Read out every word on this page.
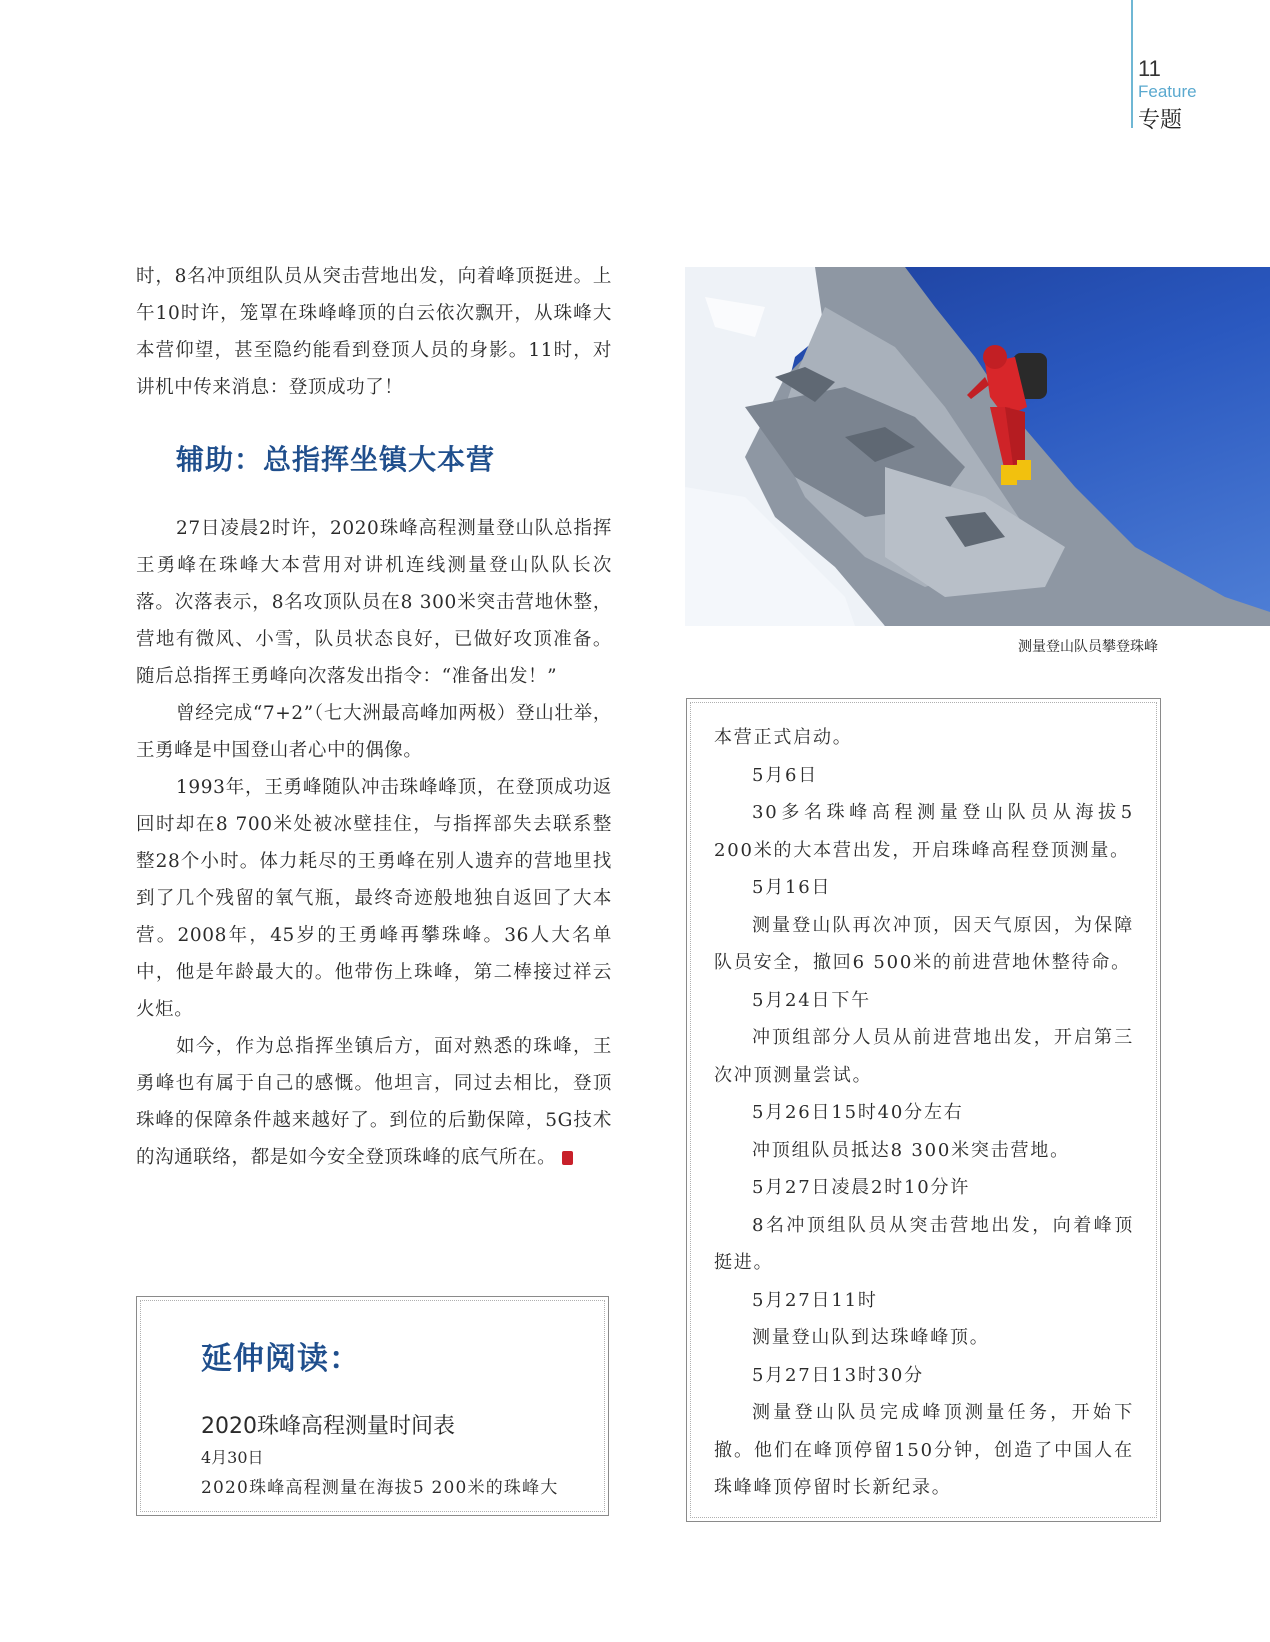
11
Feature
专题

时，8名冲顶组队员从突击营地出发，向着峰顶挺进。上午10时许，笼罩在珠峰峰顶的白云依次飘开，从珠峰大本营仰望，甚至隐约能看到登顶人员的身影。11时，对讲机中传来消息：登顶成功了！

辅助：总指挥坐镇大本营

27日凌晨2时许，2020珠峰高程测量登山队总指挥王勇峰在珠峰大本营用对讲机连线测量登山队队长次落。次落表示，8名攻顶队员在8 300米突击营地休整，营地有微风、小雪，队员状态良好，已做好攻顶准备。随后总指挥王勇峰向次落发出指令：“准备出发！”

曾经完成“7+2”（七大洲最高峰加两极）登山壮举，王勇峰是中国登山者心中的偶像。

1993年，王勇峰随队冲击珠峰峰顶，在登顶成功返回时却在8 700米处被冰壁挂住，与指挥部失去联系整整28个小时。体力耗尽的王勇峰在别人遗弃的营地里找到了几个残留的氧气瓶，最终奇迹般地独自返回了大本营。2008年，45岁的王勇峰再攀珠峰。36人大名单中，他是年龄最大的。他带伤上珠峰，第二棒接过祥云火炬。

如今，作为总指挥坐镇后方，面对熟悉的珠峰，王勇峰也有属于自己的感慨。他坦言，同过去相比，登顶珠峰的保障条件越来越好了。到位的后勤保障，5G技术的沟通联络，都是如今安全登顶珠峰的底气所在。	S

延伸阅读：
2020珠峰高程测量时间表
4月30日
2020珠峰高程测量在海拔5 200米的珠峰大
测量登山队员攀登珠峰

本营正式启动。

5月6日

30多名珠峰高程测量登山队员从海拔5 200米的大本营出发，开启珠峰高程登顶测量。

5月16日

测量登山队再次冲顶，因天气原因，为保障队员安全，撤回6 500米的前进营地休整待命。

5月24日下午

冲顶组部分人员从前进营地出发，开启第三次冲顶测量尝试。

5月26日15时40分左右

冲顶组队员抵达8 300米突击营地。

5月27日凌晨2时10分许

8名冲顶组队员从突击营地出发，向着峰顶挺进。

5月27日11时

测量登山队到达珠峰峰顶。

5月27日13时30分

测量登山队员完成峰顶测量任务，开始下撤。他们在峰顶停留150分钟，创造了中国人在珠峰峰顶停留时长新纪录。
